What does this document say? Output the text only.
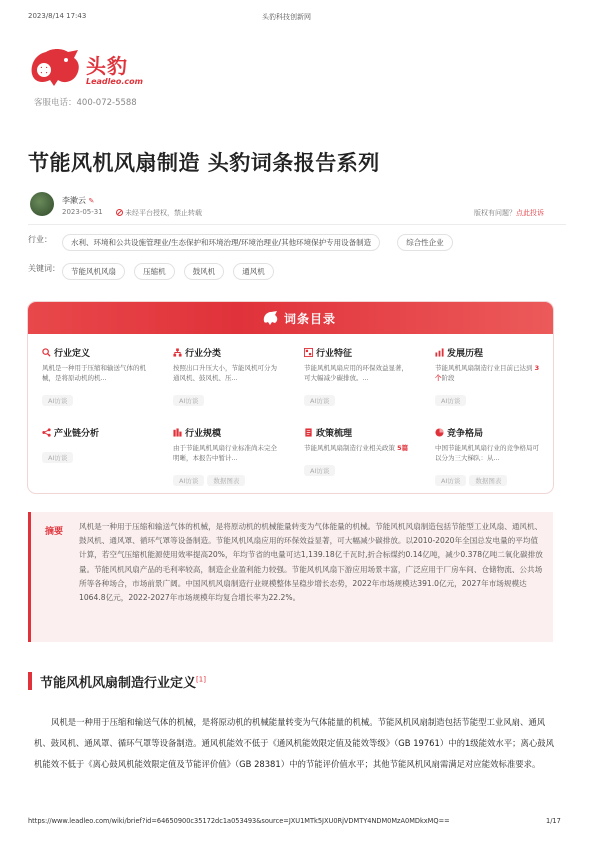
2023/8/14 17:43	头豹科技创新网
头豹
Leadleo.com
客服电话：400-072-5588
节能风机风扇制造 头豹词条报告系列
李漱云 ✎
2023-05-31	未经平台授权，禁止转载	版权有问题？点此投诉
行业：	水利、环境和公共设施管理业/生态保护和环境治理/环境治理业/其他环境保护专用设备制造	综合性企业
关键词：	节能风机风扇	压缩机	鼓风机	通风机
词条目录
行业定义
风机是一种用于压缩和输送气体的机械，是将原动机的机...
AI访谈
行业分类
按照出口升压大小，节能风机可分为通风机、鼓风机、压...
AI访谈
行业特征
节能风机风扇应用的环保效益显著，可大幅减少碳排放。...
AI访谈
发展历程
节能风机风扇制造行业目前已达到 3个阶段
AI访谈
产业链分析
AI访谈
行业规模
由于节能风机风扇行业标准尚未完全明晰，本报告中暂计...
AI访谈 数据图表
政策梳理
节能风机风扇制造行业相关政策 5篇
AI访谈
竞争格局
中国节能风机风扇行业的竞争格局可以分为三大梯队：从...
AI访谈 数据图表
摘要
风机是一种用于压缩和输送气体的机械，是将原动机的机械能量转变为气体能量的机械。节能风机风扇制造包括节能型工业风扇、通风机、鼓风机、通风罩、循环气罩等设备制造。节能风机风扇应用的环保效益显著，可大幅减少碳排放。以2010-2020年全国总发电量的平均值计算，若空气压缩机能源使用效率提高20%，年均节省的电量可达1,139.18亿千瓦时,折合标煤约0.14亿吨，减少0.378亿吨二氧化碳排放量。节能风机风扇产品的毛利率较高，制造企业盈利能力较强。节能风机风扇下游应用场景丰富，广泛应用于厂房车间、仓储物流、公共场所等各种场合，市场前景广阔。中国风机风扇制造行业规模整体呈稳步增长态势，2022年市场规模达391.0亿元，2027年市场规模达1064.8亿元，2022-2027年市场规模年均复合增长率为22.2%。
节能风机风扇制造行业定义[1]
风机是一种用于压缩和输送气体的机械，是将原动机的机械能量转变为气体能量的机械。节能风机风扇制造包括节能型工业风扇、通风机、鼓风机、通风罩、循环气罩等设备制造。通风机能效不低于《通风机能效限定值及能效等级》（GB 19761）中的1级能效水平；离心鼓风机能效不低于《离心鼓风机能效限定值及节能评价值》（GB 28381）中的节能评价值水平；其他节能风机风扇需满足对应能效标准要求。
https://www.leadleo.com/wiki/brief?id=64650900c35172dc1a053493&source=JXU1MTk5JXU0RjVDMTY4NDM0MzA0MDkxMQ==	1/17
